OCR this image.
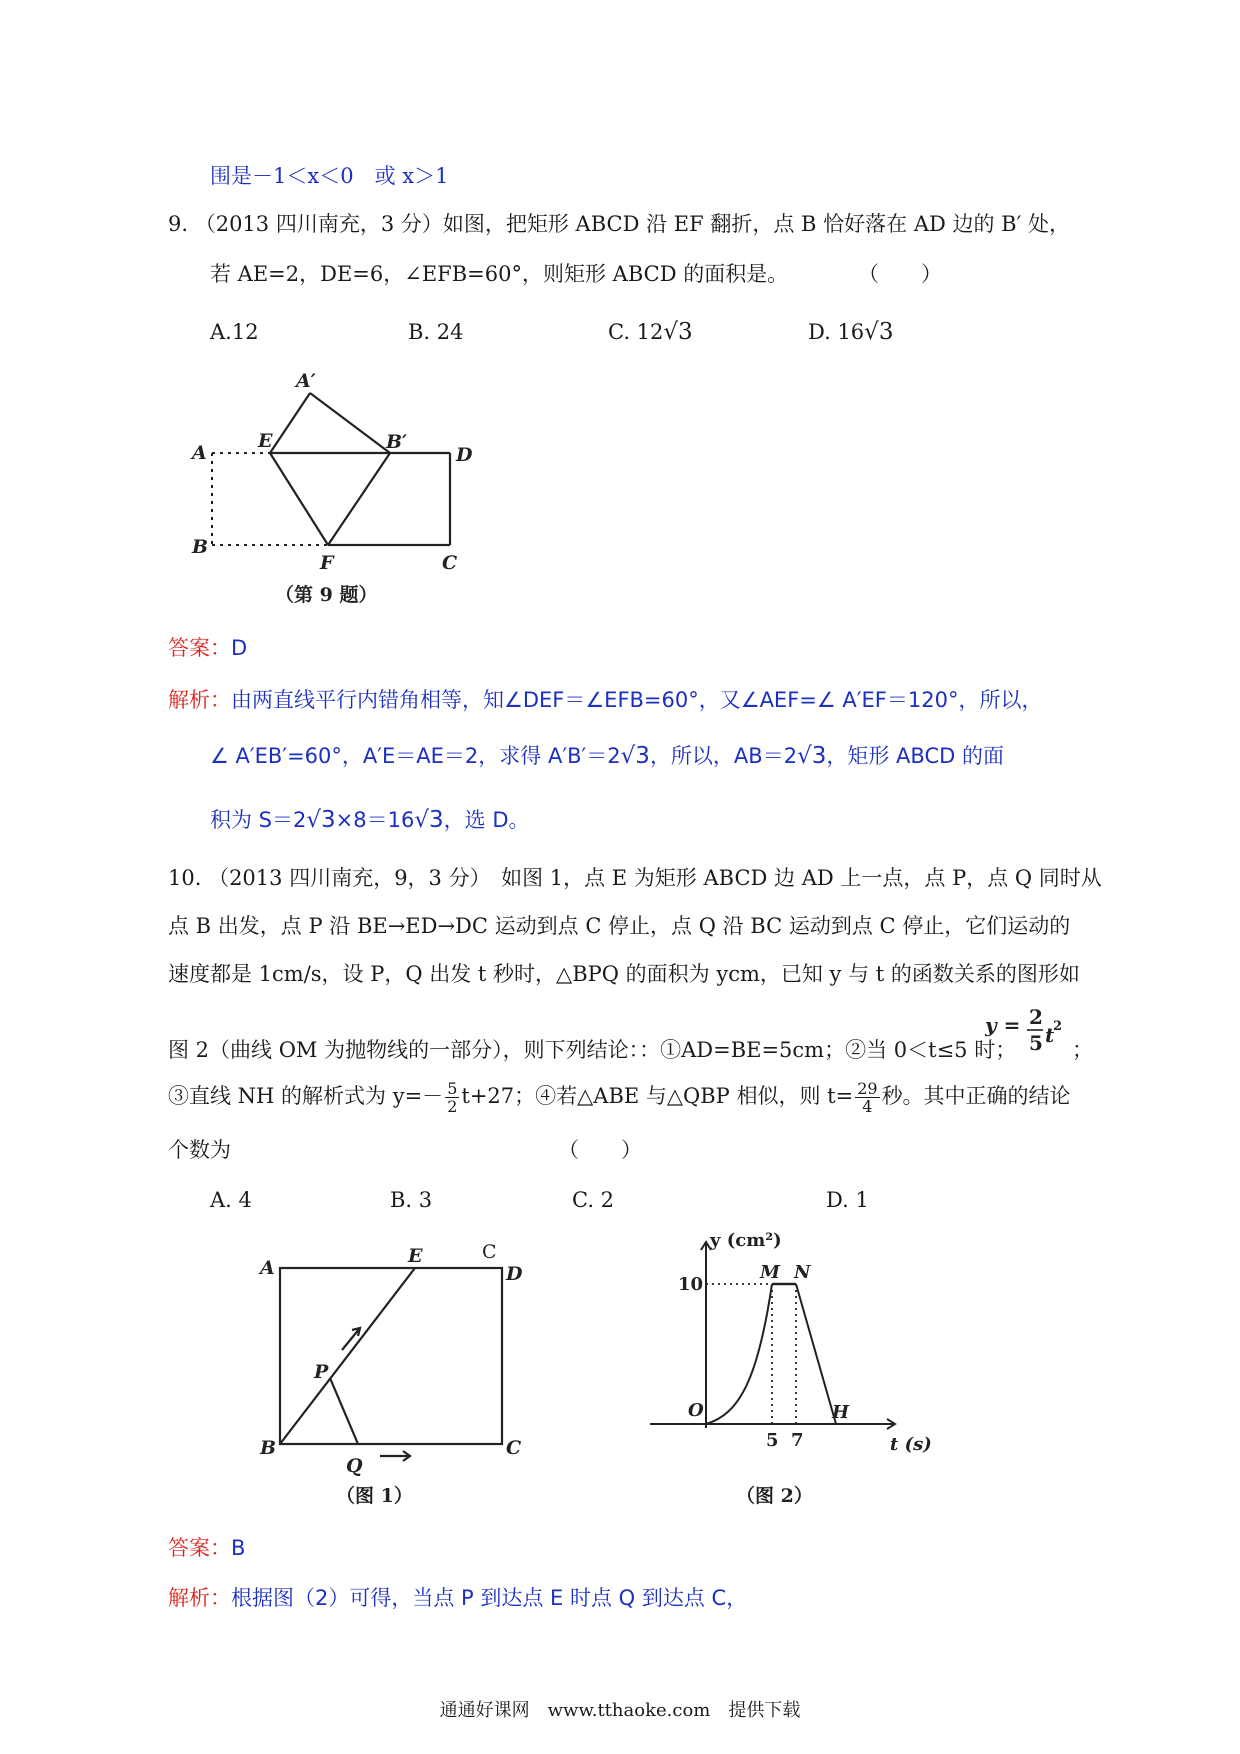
围是－1＜x＜0　或 x＞1
9. （2013 四川南充，3 分）如图，把矩形 ABCD 沿 EF 翻折，点 B 恰好落在 AD 边的 B′ 处，
若 AE=2，DE=6，∠EFB=60°，则矩形 ABCD 的面积是。	（　　）
A.12	B. 24	C. 12√3	D. 16√3
A′
A
E	B′
D
B
F	C
（第 9 题）
答案：D
解析：由两直线平行内错角相等，知∠DEF＝∠EFB=60°，又∠AEF=∠ A′EF＝120°，所以，
∠ A′EB′=60°，A′E＝AE＝2，求得 A′B′＝2√3，所以，AB＝2√3，矩形 ABCD 的面
积为 S＝2√3×8＝16√3，选 D。
10. （2013 四川南充，9，3 分）　如图 1，点 E 为矩形 ABCD 边 AD 上一点，点 P，点 Q 同时从
点 B 出发，点 P 沿 BE→ED→DC 运动到点 C 停止，点 Q 沿 BC 运动到点 C 停止，它们运动的
速度都是 1cm/s，设 P，Q 出发 t 秒时，△BPQ 的面积为 ycm，已知 y 与 t 的函数关系的图形如
图 2（曲线 OM 为抛物线的一部分），则下列结论：：①AD=BE=5cm；②当 0＜t≤5 时；
y = 2/5 t²
y = 2
5 t
2
；
③直线 NH 的解析式为 $y=- \frac{5}{2} t+27$；④若△ABE 与△QBP 相似，则 $t= \frac{29}{4}$ 秒。其中正确的结论
个数为	（　　）
A. 4	B. 3	C. 2	D. 1
A
E	C
D
P
B
Q
C
（图 1）
y (cm²)
10
M N
O	H
5 7	t (s)
（图 2）
答案：B
解析：根据图（2）可得，当点 P 到达点 E 时点 Q 到达点 C，
通通好课网　www.tthaoke.com　提供下载
